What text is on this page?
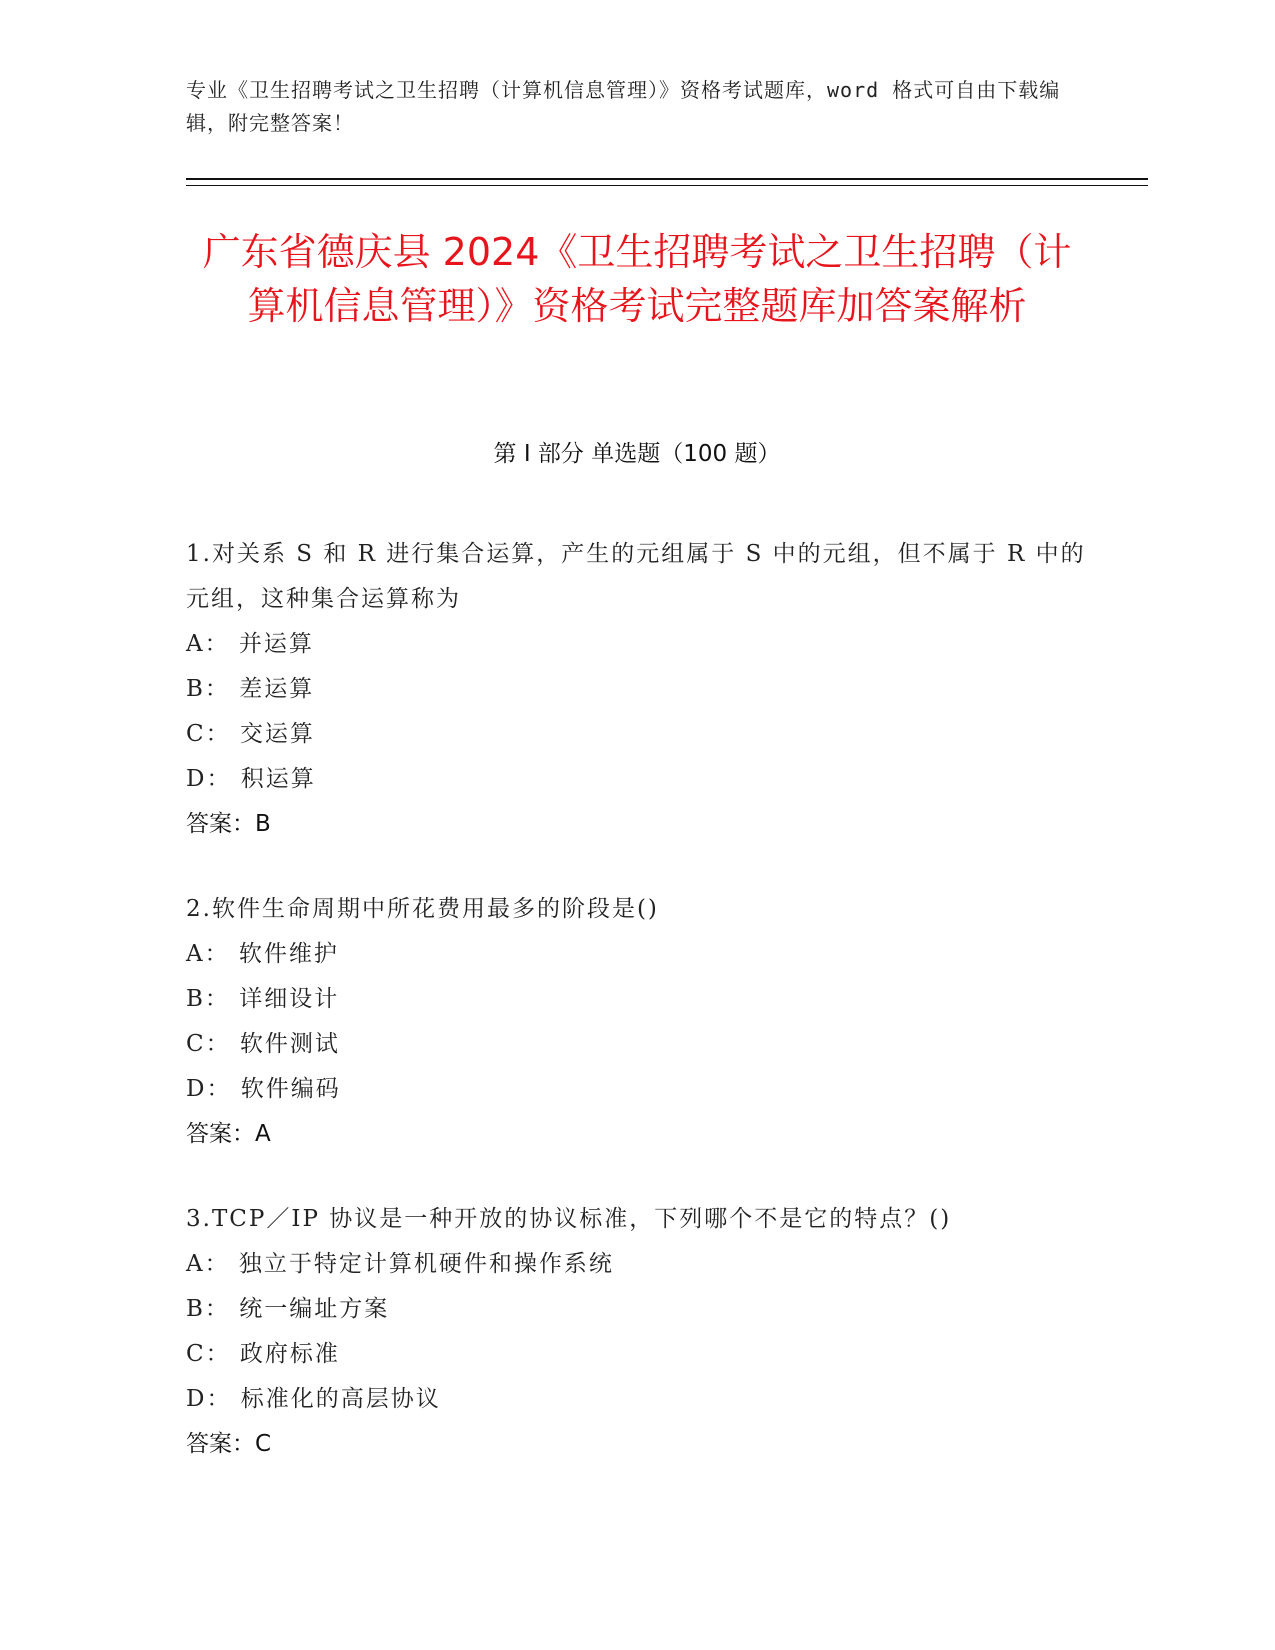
专业《卫生招聘考试之卫生招聘（计算机信息管理）》资格考试题库，word 格式可自由下载编辑，附完整答案！
广东省德庆县 2024《卫生招聘考试之卫生招聘（计算机信息管理）》资格考试完整题库加答案解析
第 I 部分 单选题（100 题）

1.对关系 S 和 R 进行集合运算，产生的元组属于 S 中的元组，但不属于 R 中的元组，这种集合运算称为

A： 并运算

B： 差运算

C： 交运算

D： 积运算

答案：B

2.软件生命周期中所花费用最多的阶段是()

A： 软件维护

B： 详细设计

C： 软件测试

D： 软件编码

答案：A

3.TCP／IP 协议是一种开放的协议标准，下列哪个不是它的特点？()

A： 独立于特定计算机硬件和操作系统

B： 统一编址方案

C： 政府标准

D： 标准化的高层协议

答案：C
